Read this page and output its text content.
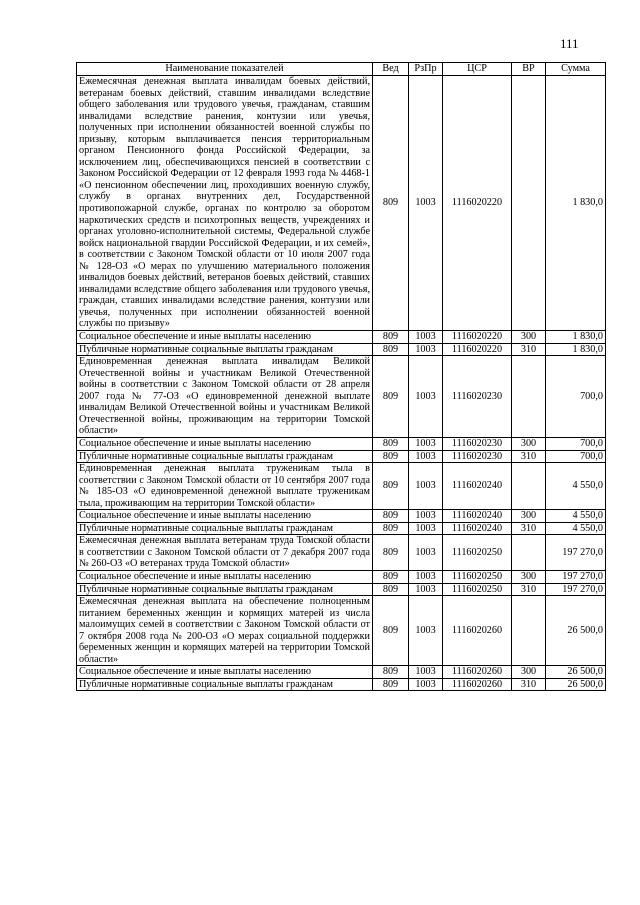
111
Наименование показателей	Вед	РзПр	ЦСР	ВР	Сумма
Ежемесячная денежная выплата инвалидам боевых действий, ветеранам боевых действий, ставшим инвалидами вследствие общего заболевания или трудового увечья, гражданам, ставшим инвалидами вследствие ранения, контузии или увечья, полученных при исполнении обязанностей военной службы по призыву, которым выплачивается пенсия территориальным органом Пенсионного фонда Российской Федерации, за исключением лиц, обеспечивающихся пенсией в соответствии с Законом Российской Федерации от 12 февраля 1993 года № 4468-1 «О пенсионном обеспечении лиц, проходивших военную службу, службу в органах внутренних дел, Государственной противопожарной службе, органах по контролю за оборотом наркотических средств и психотропных веществ, учреждениях и органах уголовно-исполнительной системы, Федеральной службе войск национальной гвардии Российской Федерации, и их семей», в соответствии с Законом Томской области от 10 июля 2007 года № 128-ОЗ «О мерах по улучшению материального положения инвалидов боевых действий, ветеранов боевых действий, ставших инвалидами вследствие общего заболевания или трудового увечья, граждан, ставших инвалидами вследствие ранения, контузии или увечья, полученных при исполнении обязанностей военной службы по призыву»	809	1003	1116020220		1 830,0
Социальное обеспечение и иные выплаты населению	809	1003	1116020220	300	1 830,0
Публичные нормативные социальные выплаты гражданам	809	1003	1116020220	310	1 830,0
Единовременная денежная выплата инвалидам Великой Отечественной войны и участникам Великой Отечественной войны в соответствии с Законом Томской области от 28 апреля 2007 года № 77-ОЗ «О единовременной денежной выплате инвалидам Великой Отечественной войны и участникам Великой Отечественной войны, проживающим на территории Томской области»	809	1003	1116020230		700,0
Социальное обеспечение и иные выплаты населению	809	1003	1116020230	300	700,0
Публичные нормативные социальные выплаты гражданам	809	1003	1116020230	310	700,0
Единовременная денежная выплата труженикам тыла в соответствии с Законом Томской области от 10 сентября 2007 года № 185-ОЗ «О единовременной денежной выплате труженикам тыла, проживающим на территории Томской области»	809	1003	1116020240		4 550,0
Социальное обеспечение и иные выплаты населению	809	1003	1116020240	300	4 550,0
Публичные нормативные социальные выплаты гражданам	809	1003	1116020240	310	4 550,0
Ежемесячная денежная выплата ветеранам труда Томской области в соответствии с Законом Томской области от 7 декабря 2007 года № 260-ОЗ «О ветеранах труда Томской области»	809	1003	1116020250		197 270,0
Социальное обеспечение и иные выплаты населению	809	1003	1116020250	300	197 270,0
Публичные нормативные социальные выплаты гражданам	809	1003	1116020250	310	197 270,0
Ежемесячная денежная выплата на обеспечение полноценным питанием беременных женщин и кормящих матерей из числа малоимущих семей в соответствии с Законом Томской области от 7 октября 2008 года № 200-ОЗ «О мерах социальной поддержки беременных женщин и кормящих матерей на территории Томской области»	809	1003	1116020260		26 500,0
Социальное обеспечение и иные выплаты населению	809	1003	1116020260	300	26 500,0
Публичные нормативные социальные выплаты гражданам	809	1003	1116020260	310	26 500,0
